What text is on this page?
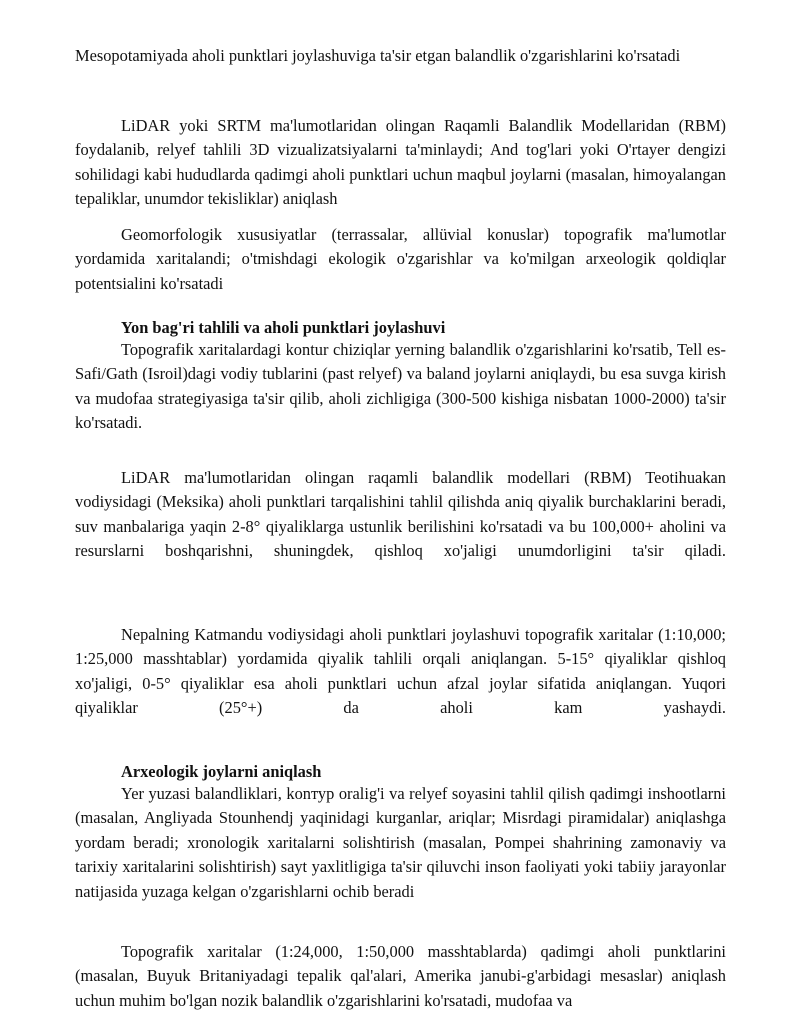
Mesopotamiyada aholi punktlari joylashuviga ta'sir etgan balandlik o'zgarishlarini ko'rsatadi

LiDAR yoki SRTM ma'lumotlaridan olingan Raqamli Balandlik Modellaridan (RBM) foydalanib, relyef tahlili 3D vizualizatsiyalarni ta'minlaydi; And tog'lari yoki O'rtayer dengizi sohilidagi kabi hududlarda qadimgi aholi punktlari uchun maqbul joylarni (masalan, himoyalangan tepaliklar, unumdor tekisliklar) aniqlash

Geomorfologik xususiyatlar (terrassalar, allüvial konuslar) topografik ma'lumotlar yordamida xaritalandi; o'tmishdagi ekologik o'zgarishlar va ko'milgan arxeologik qoldiqlar potentsialini ko'rsatadi

Yon bag'ri tahlili va aholi punktlari joylashuvi

Topografik xaritalardagi kontur chiziqlar yerning balandlik o'zgarishlarini ko'rsatib, Tell es-Safi/Gath (Isroil)dagi vodiy tublarini (past relyef) va baland joylarni aniqlaydi, bu esa suvga kirish va mudofaa strategiyasiga ta'sir qilib, aholi zichligiga (300-500 kishiga nisbatan 1000-2000) ta'sir ko'rsatadi.

LiDAR ma'lumotlaridan olingan raqamli balandlik modellari (RBM) Teotihuakan vodiysidagi (Meksika) aholi punktlari tarqalishini tahlil qilishda aniq qiyalik burchaklarini beradi, suv manbalariga yaqin 2-8° qiyaliklarga ustunlik berilishini ko'rsatadi va bu 100,000+ aholini va resurslarni boshqarishni, shuningdek, qishloq xo'jaligi unumdorligini ta'sir qiladi.

Nepalning Katmandu vodiysidagi aholi punktlari joylashuvi topografik xaritalar (1:10,000; 1:25,000 masshtablar) yordamida qiyalik tahlili orqali aniqlangan. 5-15° qiyaliklar qishloq xo'jaligi, 0-5° qiyaliklar esa aholi punktlari uchun afzal joylar sifatida aniqlangan. Yuqori qiyaliklar (25°+) da aholi kam yashaydi.

Arxeologik joylarni aniqlash

Yer yuzasi balandliklari, konтур oralig'i va relyef soyasini tahlil qilish qadimgi inshootlarni (masalan, Angliyada Stounhendj yaqinidagi kurganlar, ariqlar; Misrdagi piramidalar) aniqlashga yordam beradi; xronologik xaritalarni solishtirish (masalan, Pompei shahrining zamonaviy va tarixiy xaritalarini solishtirish) sayt yaxlitligiga ta'sir qiluvchi inson faoliyati yoki tabiiy jarayonlar natijasida yuzaga kelgan o'zgarishlarni ochib beradi

Topografik xaritalar (1:24,000, 1:50,000 masshtablarda) qadimgi aholi punktlarini (masalan, Buyuk Britaniyadagi tepalik qal'alari, Amerika janubi-g'arbidagi mesaslar) aniqlash uchun muhim bo'lgan nozik balandlik o'zgarishlarini ko'rsatadi, mudofaa va
